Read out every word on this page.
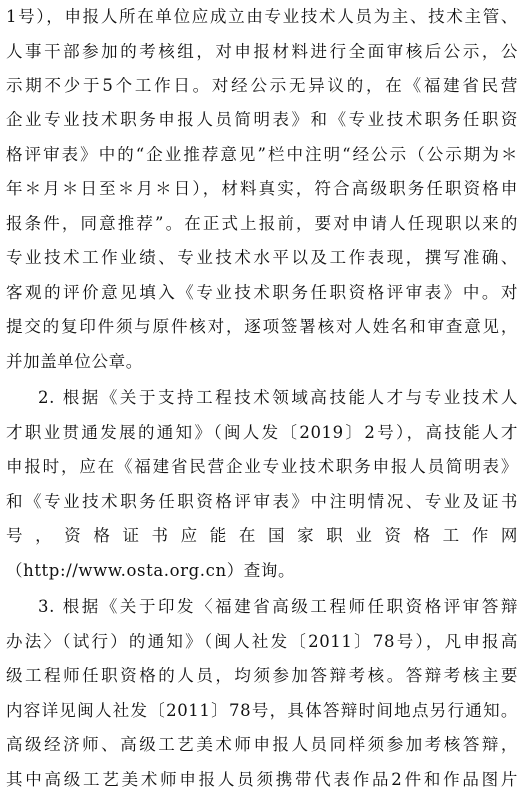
1号），申报人所在单位应成立由专业技术人员为主、技术主管、
人事干部参加的考核组，对申报材料进行全面审核后公示，公
示期不少于5个工作日。对经公示无异议的，在《福建省民营
企业专业技术职务申报人员简明表》和《专业技术职务任职资
格评审表》中的“企业推荐意见”栏中注明“经公示（公示期为＊
年＊月＊日至＊月＊日），材料真实，符合高级职务任职资格申
报条件，同意推荐”。在正式上报前，要对申请人任现职以来的
专业技术工作业绩、专业技术水平以及工作表现，撰写准确、
客观的评价意见填入《专业技术职务任职资格评审表》中。对
提交的复印件须与原件核对，逐项签署核对人姓名和审查意见，
并加盖单位公章。
2. 根据《关于支持工程技术领域高技能人才与专业技术人
才职业贯通发展的通知》（闽人发〔2019〕2号），高技能人才
申报时，应在《福建省民营企业专业技术职务申报人员简明表》
和《专业技术职务任职资格评审表》中注明情况、专业及证书
号，资格证书应能在国家职业资格工作网
（http://www.osta.org.cn）查询。
3. 根据《关于印发〈福建省高级工程师任职资格评审答辩
办法〉（试行）的通知》（闽人社发〔2011〕78号），凡申报高
级工程师任职资格的人员，均须参加答辩考核。答辩考核主要
内容详见闽人社发〔2011〕78号，具体答辩时间地点另行通知。
高级经济师、高级工艺美术师申报人员同样须参加考核答辩，
其中高级工艺美术师申报人员须携带代表作品2件和作品图片
